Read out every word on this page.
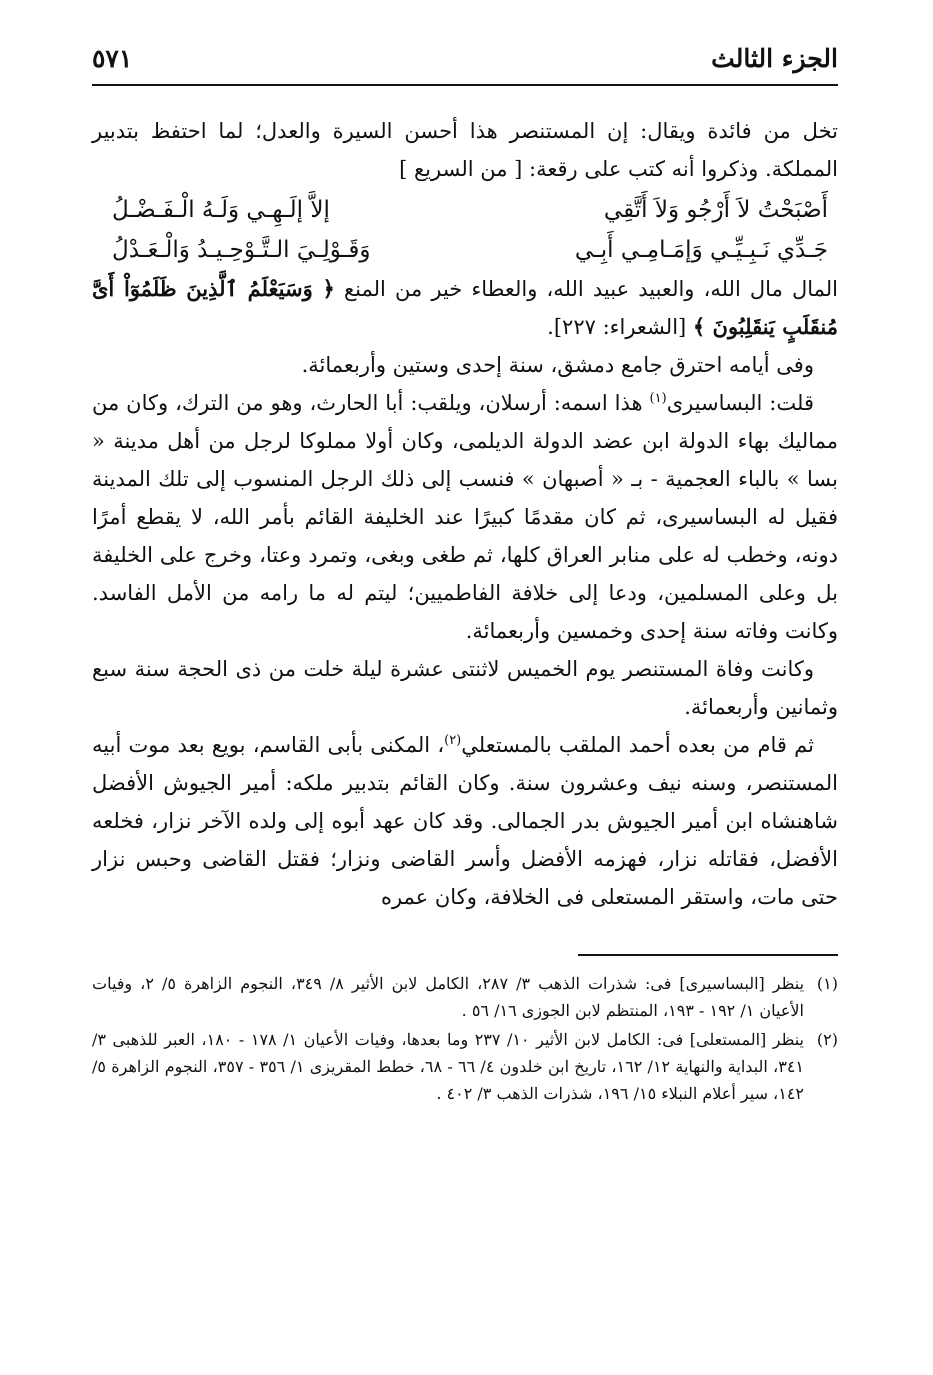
الجزء الثالث
٥٧١

تخل من فائدة ويقال: إن المستنصر هذا أحسن السيرة والعدل؛ لما احتفظ بتدبير المملكة. وذكروا أنه كتب على رقعة: [ من السريع ]

أَصْبَحْتُ لاَ أَرْجُو وَلاَ أَتَّقِي
إلاَّ إلَـهِـي وَلَـهُ الْـفَـضْـلُ
جَـدِّي نَـبِـيِّـي وَإمَـامِـي أَبِـي
وَقَـوْلِـيَ الـتَّـوْحِـيـدُ وَالْـعَـدْلُ

المال مال الله، والعبيد عبيد الله، والعطاء خير من المنع ﴿ وَسَيَعْلَمُ ٱلَّذِينَ ظَلَمُوٓاْ أَىَّ مُنقَلَبٍ يَنقَلِبُونَ ﴾ [الشعراء: ٢٢٧].

وفى أيامه احترق جامع دمشق، سنة إحدى وستين وأربعمائة.

قلت: البساسيرى$^{(١)}$ هذا اسمه: أرسلان، ويلقب: أبا الحارث، وهو من الترك، وكان من مماليك بهاء الدولة ابن عضد الدولة الديلمى، وكان أولا مملوكا لرجل من أهل مدينة « بسا » بالباء العجمية - بـ « أصبهان » فنسب إلى ذلك الرجل المنسوب إلى تلك المدينة فقيل له البساسيرى، ثم كان مقدمًا كبيرًا عند الخليفة القائم بأمر الله، لا يقطع أمرًا دونه، وخطب له على منابر العراق كلها، ثم طغى وبغى، وتمرد وعتا، وخرج على الخليفة بل وعلى المسلمين، ودعا إلى خلافة الفاطميين؛ ليتم له ما رامه من الأمل الفاسد. وكانت وفاته سنة إحدى وخمسين وأربعمائة.

وكانت وفاة المستنصر يوم الخميس لاثنتى عشرة ليلة خلت من ذى الحجة سنة سبع وثمانين وأربعمائة.

ثم قام من بعده أحمد الملقب بالمستعلي$^{(٢)}$، المكنى بأبى القاسم، بويع بعد موت أبيه المستنصر، وسنه نيف وعشرون سنة. وكان القائم بتدبير ملكه: أمير الجيوش الأفضل شاهنشاه ابن أمير الجيوش بدر الجمالى. وقد كان عهد أبوه إلى ولده الآخر نزار، فخلعه الأفضل، فقاتله نزار، فهزمه الأفضل وأسر القاضى ونزار؛ فقتل القاضى وحبس نزار حتى مات، واستقر المستعلى فى الخلافة، وكان عمره

(١)
ينظر [البساسيرى] فى: شذرات الذهب ٣/ ٢٨٧، الكامل لابن الأثير ٨/ ٣٤٩، النجوم الزاهرة ٥/ ٢، وفيات الأعيان ١/ ١٩٢ - ١٩٣، المنتظم لابن الجوزى ١٦/ ٥٦ .
(٢)
ينظر [المستعلى] فى: الكامل لابن الأثير ١٠/ ٢٣٧ وما بعدها، وفيات الأعيان ١/ ١٧٨ - ١٨٠، العبر للذهبى ٣/ ٣٤١، البداية والنهاية ١٢/ ١٦٢، تاريخ ابن خلدون ٤/ ٦٦ - ٦٨، خطط المقريزى ١/ ٣٥٦ - ٣٥٧، النجوم الزاهرة ٥/ ١٤٢، سير أعلام النبلاء ١٥/ ١٩٦، شذرات الذهب ٣/ ٤٠٢ .
